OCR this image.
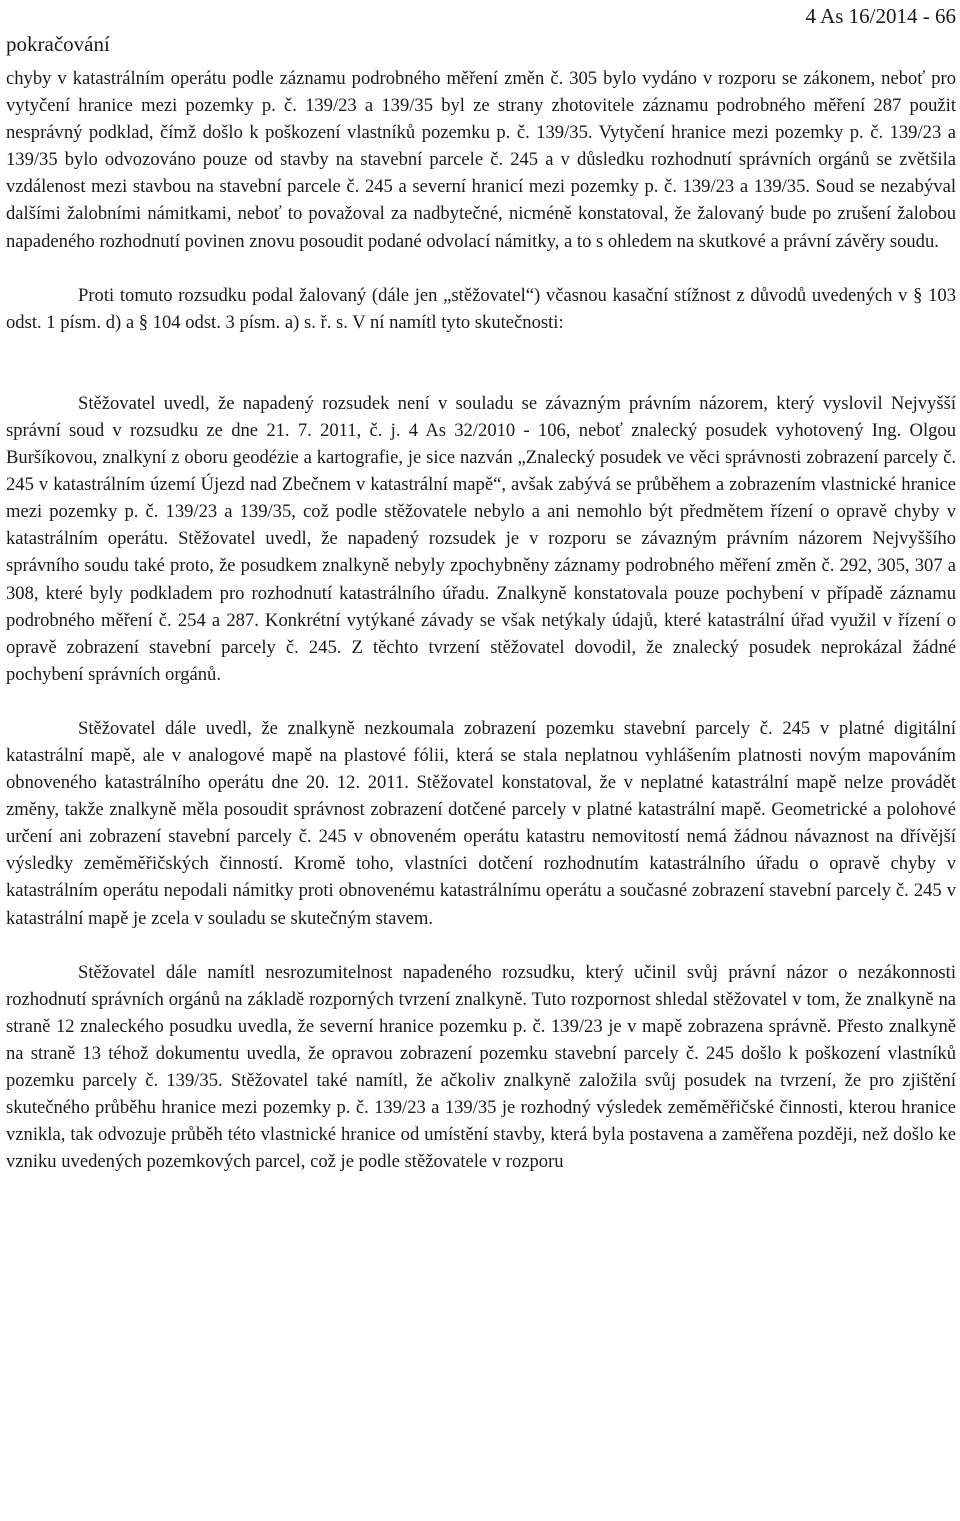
pokračování
4 As 16/2014 - 66

chyby v katastrálním operátu podle záznamu podrobného měření změn č. 305 bylo vydáno v rozporu se zákonem, neboť pro vytyčení hranice mezi pozemky p. č. 139/23 a 139/35 byl ze strany zhotovitele záznamu podrobného měření 287 použit nesprávný podklad, čímž došlo k poškození vlastníků pozemku p. č. 139/35. Vytyčení hranice mezi pozemky p. č. 139/23 a 139/35 bylo odvozováno pouze od stavby na stavební parcele č. 245 a v důsledku rozhodnutí správních orgánů se zvětšila vzdálenost mezi stavbou na stavební parcele č. 245 a severní hranicí mezi pozemky p. č. 139/23 a 139/35. Soud se nezabýval dalšími žalobními námitkami, neboť to považoval za nadbytečné, nicméně konstatoval, že žalovaný bude po zrušení žalobou napadeného rozhodnutí povinen znovu posoudit podané odvolací námitky, a to s ohledem na skutkové a právní závěry soudu.

Proti tomuto rozsudku podal žalovaný (dále jen „stěžovatel“) včasnou kasační stížnost z důvodů uvedených v § 103 odst. 1 písm. d) a § 104 odst. 3 písm. a) s. ř. s. V ní namítl tyto skutečnosti:

Stěžovatel uvedl, že napadený rozsudek není v souladu se závazným právním názorem, který vyslovil Nejvyšší správní soud v rozsudku ze dne 21. 7. 2011, č. j. 4 As 32/2010 - 106, neboť znalecký posudek vyhotovený Ing. Olgou Buršíkovou, znalkyní z oboru geodézie a kartografie, je sice nazván „Znalecký posudek ve věci správnosti zobrazení parcely č. 245 v katastrálním území Újezd nad Zbečnem v katastrální mapě“, avšak zabývá se průběhem a zobrazením vlastnické hranice mezi pozemky p. č. 139/23 a 139/35, což podle stěžovatele nebylo a ani nemohlo být předmětem řízení o opravě chyby v katastrálním operátu. Stěžovatel uvedl, že napadený rozsudek je v rozporu se závazným právním názorem Nejvyššího správního soudu také proto, že posudkem znalkyně nebyly zpochybněny záznamy podrobného měření změn č. 292, 305, 307 a 308, které byly podkladem pro rozhodnutí katastrálního úřadu. Znalkyně konstatovala pouze pochybení v případě záznamu podrobného měření č. 254 a 287. Konkrétní vytýkané závady se však netýkaly údajů, které katastrální úřad využil v řízení o opravě zobrazení stavební parcely č. 245. Z těchto tvrzení stěžovatel dovodil, že znalecký posudek neprokázal žádné pochybení správních orgánů.

Stěžovatel dále uvedl, že znalkyně nezkoumala zobrazení pozemku stavební parcely č. 245 v platné digitální katastrální mapě, ale v analogové mapě na plastové fólii, která se stala neplatnou vyhlášením platnosti novým mapováním obnoveného katastrálního operátu dne 20. 12. 2011. Stěžovatel konstatoval, že v neplatné katastrální mapě nelze provádět změny, takže znalkyně měla posoudit správnost zobrazení dotčené parcely v platné katastrální mapě. Geometrické a polohové určení ani zobrazení stavební parcely č. 245 v obnoveném operátu katastru nemovitostí nemá žádnou návaznost na dřívější výsledky zeměměřičských činností. Kromě toho, vlastníci dotčení rozhodnutím katastrálního úřadu o opravě chyby v katastrálním operátu nepodali námitky proti obnovenému katastrálnímu operátu a současné zobrazení stavební parcely č. 245 v katastrální mapě je zcela v souladu se skutečným stavem.

Stěžovatel dále namítl nesrozumitelnost napadeného rozsudku, který učinil svůj právní názor o nezákonnosti rozhodnutí správních orgánů na základě rozporných tvrzení znalkyně. Tuto rozpornost shledal stěžovatel v tom, že znalkyně na straně 12 znaleckého posudku uvedla, že severní hranice pozemku p. č. 139/23 je v mapě zobrazena správně. Přesto znalkyně na straně 13 téhož dokumentu uvedla, že opravou zobrazení pozemku stavební parcely č. 245 došlo k poškození vlastníků pozemku parcely č. 139/35. Stěžovatel také namítl, že ačkoliv znalkyně založila svůj posudek na tvrzení, že pro zjištění skutečného průběhu hranice mezi pozemky p. č. 139/23 a 139/35 je rozhodný výsledek zeměměřičské činnosti, kterou hranice vznikla, tak odvozuje průběh této vlastnické hranice od umístění stavby, která byla postavena a zaměřena později, než došlo ke vzniku uvedených pozemkových parcel, což je podle stěžovatele v rozporu
